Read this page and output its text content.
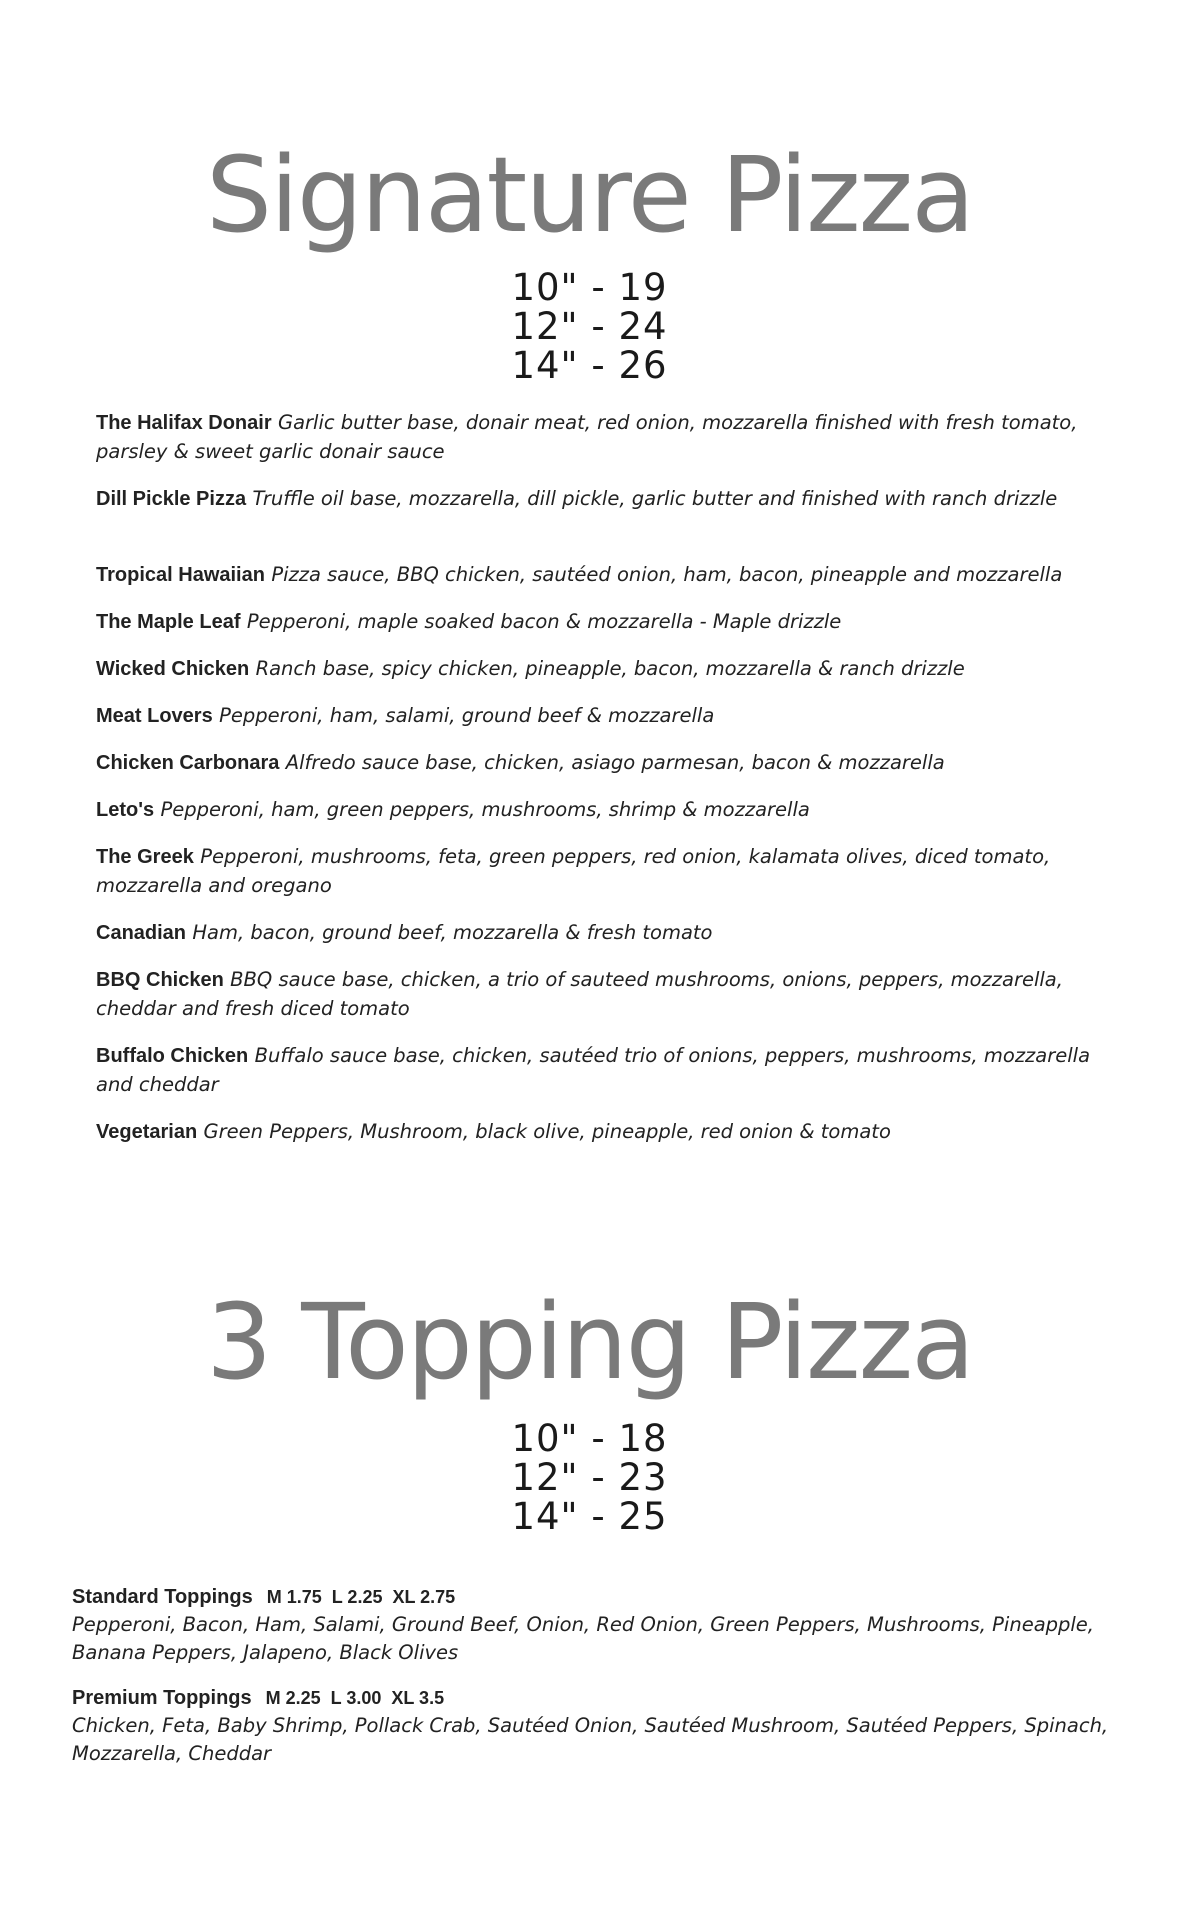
Signature Pizza
10" - 19
12" - 24
14" - 26
The Halifax Donair Garlic butter base, donair meat, red onion, mozzarella finished with fresh tomato, parsley & sweet garlic donair sauce
Dill Pickle Pizza Truffle oil base, mozzarella, dill pickle, garlic butter and finished with ranch drizzle
Tropical Hawaiian Pizza sauce, BBQ chicken, sautéed onion, ham, bacon, pineapple and mozzarella
The Maple Leaf Pepperoni, maple soaked bacon & mozzarella - Maple drizzle
Wicked Chicken Ranch base, spicy chicken, pineapple, bacon, mozzarella & ranch drizzle
Meat Lovers Pepperoni, ham, salami, ground beef & mozzarella
Chicken Carbonara Alfredo sauce base, chicken, asiago parmesan, bacon & mozzarella
Leto's Pepperoni, ham, green peppers, mushrooms, shrimp & mozzarella
The Greek Pepperoni, mushrooms, feta, green peppers, red onion, kalamata olives, diced tomato, mozzarella and oregano
Canadian Ham, bacon, ground beef, mozzarella & fresh tomato
BBQ Chicken BBQ sauce base, chicken, a trio of sauteed mushrooms, onions, peppers, mozzarella, cheddar and fresh diced tomato
Buffalo Chicken Buffalo sauce base, chicken, sautéed trio of onions, peppers, mushrooms, mozzarella and cheddar
Vegetarian Green Peppers, Mushroom, black olive, pineapple, red onion & tomato
3 Topping Pizza
10" - 18
12" - 23
14" - 25
Standard Toppings M 1.75  L 2.25  XL 2.75
Pepperoni, Bacon, Ham, Salami, Ground Beef, Onion, Red Onion, Green Peppers, Mushrooms, Pineapple, Banana Peppers, Jalapeno, Black Olives
Premium Toppings M 2.25  L 3.00  XL 3.5
Chicken, Feta, Baby Shrimp, Pollack Crab, Sautéed Onion, Sautéed Mushroom, Sautéed Peppers, Spinach, Mozzarella, Cheddar
